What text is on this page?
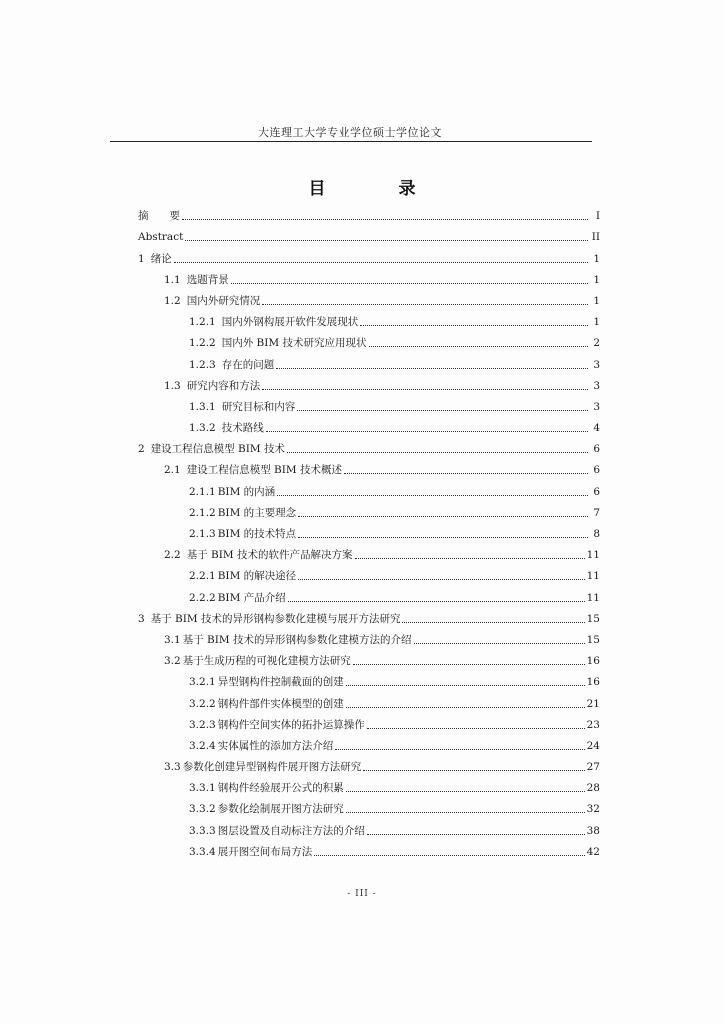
大连理工大学专业学位硕士学位论文
目　录
摘　　要	I
Abstract	II
1 绪论	1
1.1 选题背景	1
1.2 国内外研究情况	1
1.2.1 国内外钢构展开软件发展现状	1
1.2.2 国内外 BIM 技术研究应用现状	2
1.2.3 存在的问题	3
1.3 研究内容和方法	3
1.3.1 研究目标和内容	3
1.3.2 技术路线	4
2 建设工程信息模型 BIM 技术	6
2.1 建设工程信息模型 BIM 技术概述	6
2.1.1 BIM 的内涵	6
2.1.2 BIM 的主要理念	7
2.1.3 BIM 的技术特点	8
2.2 基于 BIM 技术的软件产品解决方案	11
2.2.1 BIM 的解决途径	11
2.2.2 BIM 产品介绍	11
3 基于 BIM 技术的异形钢构参数化建模与展开方法研究	15
3.1 基于 BIM 技术的异形钢构参数化建模方法的介绍	15
3.2 基于生成历程的可视化建模方法研究	16
3.2.1 异型钢构件控制截面的创建	16
3.2.2 钢构件部件实体模型的创建	21
3.2.3 钢构件空间实体的拓扑运算操作	23
3.2.4 实体属性的添加方法介绍	24
3.3 参数化创建异型钢构件展开图方法研究	27
3.3.1 钢构件经验展开公式的积累	28
3.3.2 参数化绘制展开图方法研究	32
3.3.3 图层设置及自动标注方法的介绍	38
3.3.4 展开图空间布局方法	42
- III -
